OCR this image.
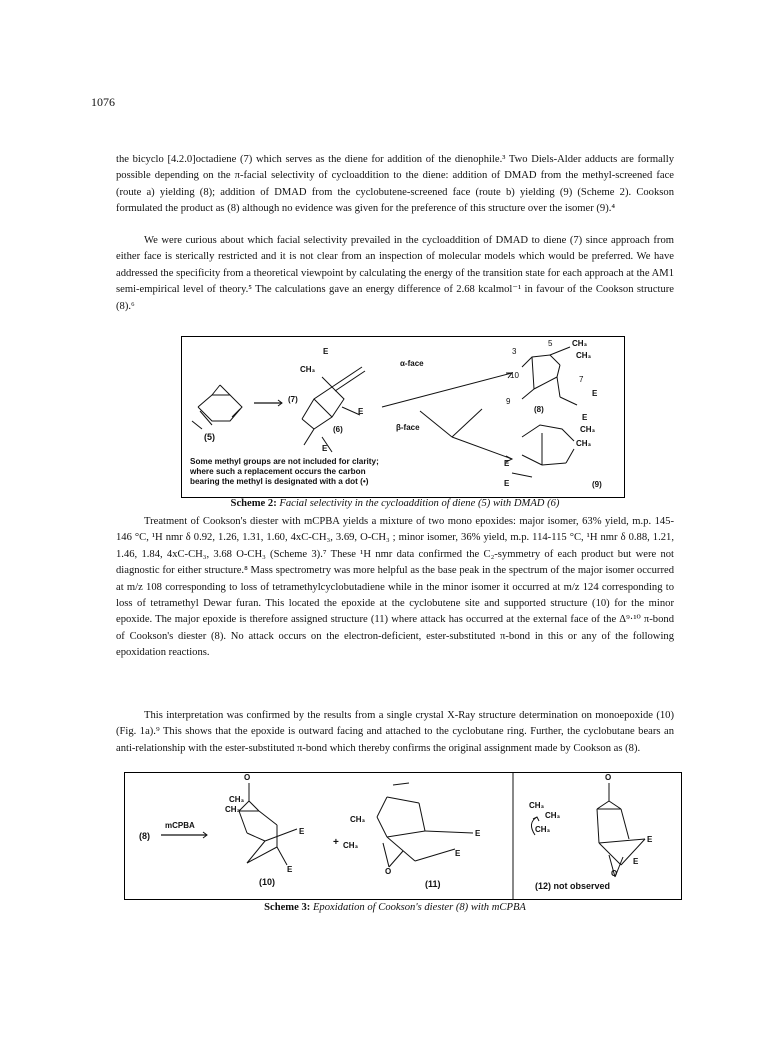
1076

the bicyclo [4.2.0]octadiene (7) which serves as the diene for addition of the dienophile.³ Two Diels-Alder adducts are formally possible depending on the π-facial selectivity of cycloaddition to the diene: addition of DMAD from the methyl-screened face (route a) yielding (8); addition of DMAD from the cyclobutene-screened face (route b) yielding (9) (Scheme 2). Cookson formulated the product as (8) although no evidence was given for the preference of this structure over the isomer (9).⁴

We were curious about which facial selectivity prevailed in the cycloaddition of DMAD to diene (7) since approach from either face is sterically restricted and it is not clear from an inspection of molecular models which would be preferred. We have addressed the specificity from a theoretical viewpoint by calculating the energy of the transition state for each approach at the AM1 semi-empirical level of theory.⁵ The calculations gave an energy difference of 2.68 kcalmol⁻¹ in favour of the Cookson structure (8).⁶

(5)
(7)
(6)
E
CH₃
E
E
α-face
β-face
CH₃
CH₃
3
5
10	7
9
(8)
E
E
CH₃
CH₃
E
E	(9)
Some methyl groups are not included for clarity;
where such a replacement occurs the carbon
bearing the methyl is designated with a dot (•)
Scheme 2: Facial selectivity in the cycloaddition of diene (5) with DMAD (6)

Treatment of Cookson's diester with mCPBA yields a mixture of two mono epoxides: major isomer, 63% yield, m.p. 145-146 °C, ¹H nmr δ 0.92, 1.26, 1.31, 1.60, 4xC-CH₃, 3.69, O-CH₃ ; minor isomer, 36% yield, m.p. 114-115 °C, ¹H nmr δ 0.88, 1.21, 1.46, 1.84, 4xC-CH₃, 3.68 O-CH₃ (Scheme 3).⁷ These ¹H nmr data confirmed the C₂-symmetry of each product but were not diagnostic for either structure.⁸ Mass spectrometry was more helpful as the base peak in the spectrum of the major isomer occurred at m/z 108 corresponding to loss of tetramethylcyclobutadiene while in the minor isomer it occurred at m/z 124 corresponding to loss of tetramethyl Dewar furan. This located the epoxide at the cyclobutene site and supported structure (10) for the minor epoxide. The major epoxide is therefore assigned structure (11) where attack has occurred at the external face of the Δ⁹·¹⁰ π-bond of Cookson's diester (8). No attack occurs on the electron-deficient, ester-substituted π-bond in this or any of the following epoxidation reactions.

This interpretation was confirmed by the results from a single crystal X-Ray structure determination on monoepoxide (10) (Fig. 1a).⁹ This shows that the epoxide is outward facing and attached to the cyclobutane ring. Further, the cyclobutane bears an anti-relationship with the ester-substituted π-bond which thereby confirms the original assignment made by Cookson as (8).

(8)
mCPBA
O
CH₃
CH₃
E
E
(10)
+
CH₃
CH₃
E
E
O
(11)
O
CH₃
CH₃
CH₃
E
E
O
(12) not observed
Scheme 3: Epoxidation of Cookson's diester (8) with mCPBA
